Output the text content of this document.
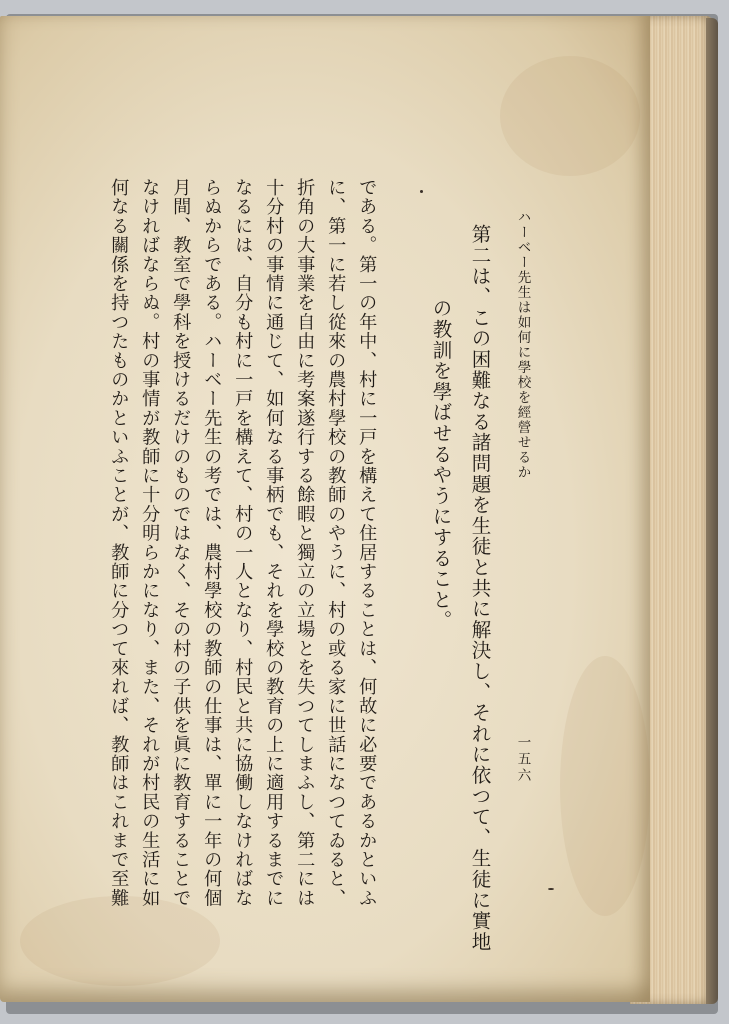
ハーベー先生は如何に學校を經營せるか
第二は、この困難なる諸問題を生徒と共に解決し、それに依つて、生徒に實地
の教訓を學ばせるやうにすること。
一五六
である。第一の年中、村に一戸を構えて住居することは、何故に必要であるかといふ
に、第一に若し從來の農村學校の教師のやうに、村の或る家に世話になつてゐると、
折角の大事業を自由に考案遂行する餘暇と獨立の立場とを失つてしまふし、第二には
十分村の事情に通じて、如何なる事柄でも、それを學校の教育の上に適用するまでに
なるには、自分も村に一戸を構えて、村の一人となり、村民と共に協働しなければな
らぬからである。ハーベー先生の考では、農村學校の教師の仕事は、單に一年の何個
月間、教室で學科を授けるだけのものではなく、その村の子供を眞に教育することで
なければならぬ。村の事情が教師に十分明らかになり、また、それが村民の生活に如
何なる關係を持つたものかといふことが、教師に分つて來れば、教師はこれまで至難
